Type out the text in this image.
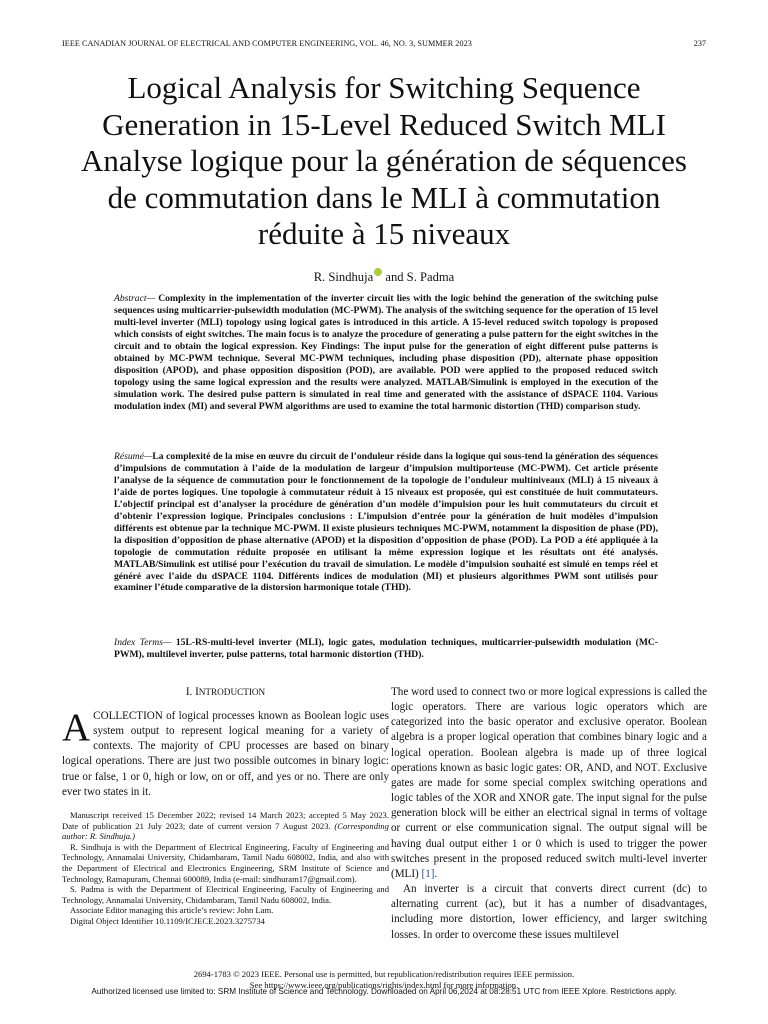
IEEE CANADIAN JOURNAL OF ELECTRICAL AND COMPUTER ENGINEERING, VOL. 46, NO. 3, SUMMER 2023	237
Logical Analysis for Switching Sequence
Generation in 15-Level Reduced Switch MLI
Analyse logique pour la génération de séquences
de commutation dans le MLI à commutation
réduite à 15 niveaux
R. Sindhuja and S. Padma
Abstract— Complexity in the implementation of the inverter circuit lies with the logic behind the generation of the switching pulse sequences using multicarrier-pulsewidth modulation (MC-PWM). The analysis of the switching sequence for the operation of 15 level multi-level inverter (MLI) topology using logical gates is introduced in this article. A 15-level reduced switch topology is proposed which consists of eight switches. The main focus is to analyze the procedure of generating a pulse pattern for the eight switches in the circuit and to obtain the logical expression. Key Findings: The input pulse for the generation of eight different pulse patterns is obtained by MC-PWM technique. Several MC-PWM techniques, including phase disposition (PD), alternate phase opposition disposition (APOD), and phase opposition disposition (POD), are available. POD were applied to the proposed reduced switch topology using the same logical expression and the results were analyzed. MATLAB/Simulink is employed in the execution of the simulation work. The desired pulse pattern is simulated in real time and generated with the assistance of dSPACE 1104. Various modulation index (MI) and several PWM algorithms are used to examine the total harmonic distortion (THD) comparison study.
Résumé—La complexité de la mise en œuvre du circuit de l’onduleur réside dans la logique qui sous-tend la génération des séquences d’impulsions de commutation à l’aide de la modulation de largeur d’impulsion multiporteuse (MC-PWM). Cet article présente l’analyse de la séquence de commutation pour le fonctionnement de la topologie de l’onduleur multiniveaux (MLI) à 15 niveaux à l’aide de portes logiques. Une topologie à commutateur réduit à 15 niveaux est proposée, qui est constituée de huit commutateurs. L’objectif principal est d’analyser la procédure de génération d’un modèle d’impulsion pour les huit commutateurs du circuit et d’obtenir l’expression logique. Principales conclusions : L’impulsion d’entrée pour la génération de huit modèles d’impulsion différents est obtenue par la technique MC-PWM. Il existe plusieurs techniques MC-PWM, notamment la disposition de phase (PD), la disposition d’opposition de phase alternative (APOD) et la disposition d’opposition de phase (POD). La POD a été appliquée à la topologie de commutation réduite proposée en utilisant la même expression logique et les résultats ont été analysés. MATLAB/Simulink est utilisé pour l’exécution du travail de simulation. Le modèle d’impulsion souhaité est simulé en temps réel et généré avec l’aide du dSPACE 1104. Différents indices de modulation (MI) et plusieurs algorithmes PWM sont utilisés pour examiner l’étude comparative de la distorsion harmonique totale (THD).
Index Terms— 15L-RS-multi-level inverter (MLI), logic gates, modulation techniques, multicarrier-pulsewidth modulation (MC-PWM), multilevel inverter, pulse patterns, total harmonic distortion (THD).
I. INTRODUCTION
A COLLECTION of logical processes known as Boolean logic uses system output to represent logical meaning for a variety of contexts. The majority of CPU processes are based on binary logical operations. There are just two possible outcomes in binary logic: true or false, 1 or 0, high or low, on or off, and yes or no. There are only ever two states in it.

Manuscript received 15 December 2022; revised 14 March 2023; accepted 5 May 2023. Date of publication 21 July 2023; date of current version 7 August 2023. (Corresponding author: R. Sindhuja.)

R. Sindhuja is with the Department of Electrical Engineering, Faculty of Engineering and Technology, Annamalai University, Chidambaram, Tamil Nadu 608002, India, and also with the Department of Electrical and Electronics Engineering, SRM Institute of Science and Technology, Ramapuram, Chennai 600089, India (e-mail: sindhuram17@gmail.com).

S. Padma is with the Department of Electrical Engineering, Faculty of Engineering and Technology, Annamalai University, Chidambaram, Tamil Nadu 608002, India.

Associate Editor managing this article’s review: John Lam.

Digital Object Identifier 10.1109/ICJECE.2023.3275734

The word used to connect two or more logical expressions is called the logic operators. There are various logic operators which are categorized into the basic operator and exclusive operator. Boolean algebra is a proper logical operation that combines binary logic and a logical operation. Boolean algebra is made up of three logical operations known as basic logic gates: OR, AND, and NOT. Exclusive gates are made for some special complex switching operations and logic tables of the XOR and XNOR gate. The input signal for the pulse generation block will be either an electrical signal in terms of voltage or current or else communication signal. The output signal will be having dual output either 1 or 0 which is used to trigger the power switches present in the proposed reduced switch multi-level inverter (MLI) [1].

An inverter is a circuit that converts direct current (dc) to alternating current (ac), but it has a number of disadvantages, including more distortion, lower efficiency, and larger switching losses. In order to overcome these issues multilevel

2694-1783 © 2023 IEEE. Personal use is permitted, but republication/redistribution requires IEEE permission.
See https://www.ieee.org/publications/rights/index.html for more information.
Authorized licensed use limited to: SRM Institute of Science and Technology. Downloaded on April 06,2024 at 08:28:51 UTC from IEEE Xplore. Restrictions apply.
